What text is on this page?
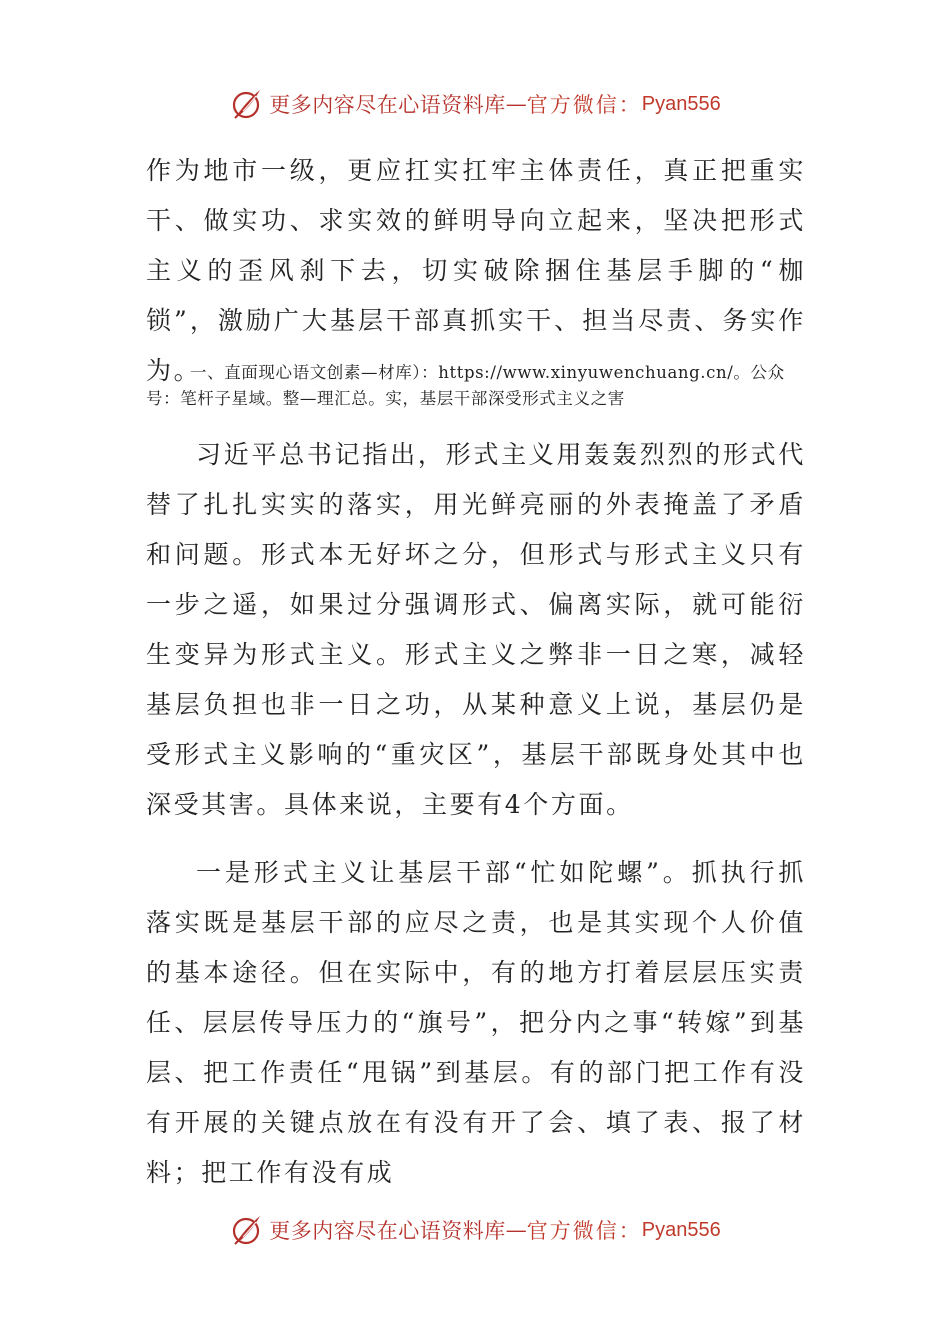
更多内容尽在心语资料库 — 官方微信： Pyan556

作为地市一级，更应扛实扛牢主体责任，真正把重实干、做实功、求实效的鲜明导向立起来，坚决把形式主义的歪风刹下去，切实破除捆住基层手脚的“枷锁”，激励广大基层干部真抓实干、担当尽责、务实作为。

一、直面现心语文创素—材库）：https://www.xinyuwenchuang.cn/。公众号：笔杆子星域。整—理汇总。实，基层干部深受形式主义之害

习近平总书记指出，形式主义用轰轰烈烈的形式代替了扎扎实实的落实，用光鲜亮丽的外表掩盖了矛盾和问题。形式本无好坏之分，但形式与形式主义只有一步之遥，如果过分强调形式、偏离实际，就可能衍生变异为形式主义。形式主义之弊非一日之寒，减轻基层负担也非一日之功，从某种意义上说，基层仍是受形式主义影响的“重灾区”，基层干部既身处其中也深受其害。具体来说，主要有4个方面。

一是形式主义让基层干部“忙如陀螺”。抓执行抓落实既是基层干部的应尽之责，也是其实现个人价值的基本途径。但在实际中，有的地方打着层层压实责任、层层传导压力的“旗号”，把分内之事“转嫁”到基层、把工作责任“甩锅”到基层。有的部门把工作有没有开展的关键点放在有没有开了会、填了表、报了材料；把工作有没有成

更多内容尽在心语资料库 — 官方微信： Pyan556
